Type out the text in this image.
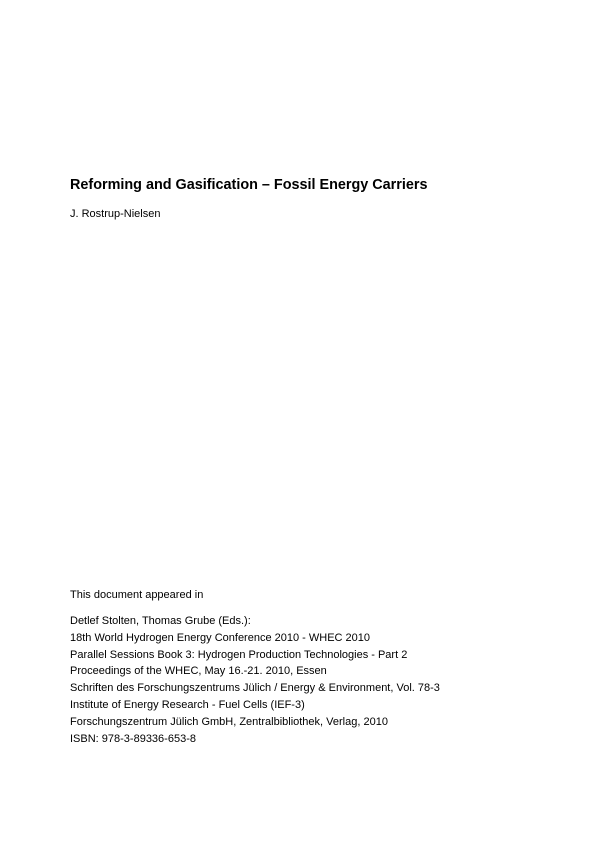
Reforming and Gasification – Fossil Energy Carriers
J. Rostrup-Nielsen
This document appeared in
Detlef Stolten, Thomas Grube (Eds.):
18th World Hydrogen Energy Conference 2010 - WHEC 2010
Parallel Sessions Book 3: Hydrogen Production Technologies - Part 2
Proceedings of the WHEC, May 16.-21. 2010, Essen
Schriften des Forschungszentrums Jülich / Energy & Environment, Vol. 78-3
Institute of Energy Research - Fuel Cells (IEF-3)
Forschungszentrum Jülich GmbH, Zentralbibliothek, Verlag, 2010
ISBN: 978-3-89336-653-8
